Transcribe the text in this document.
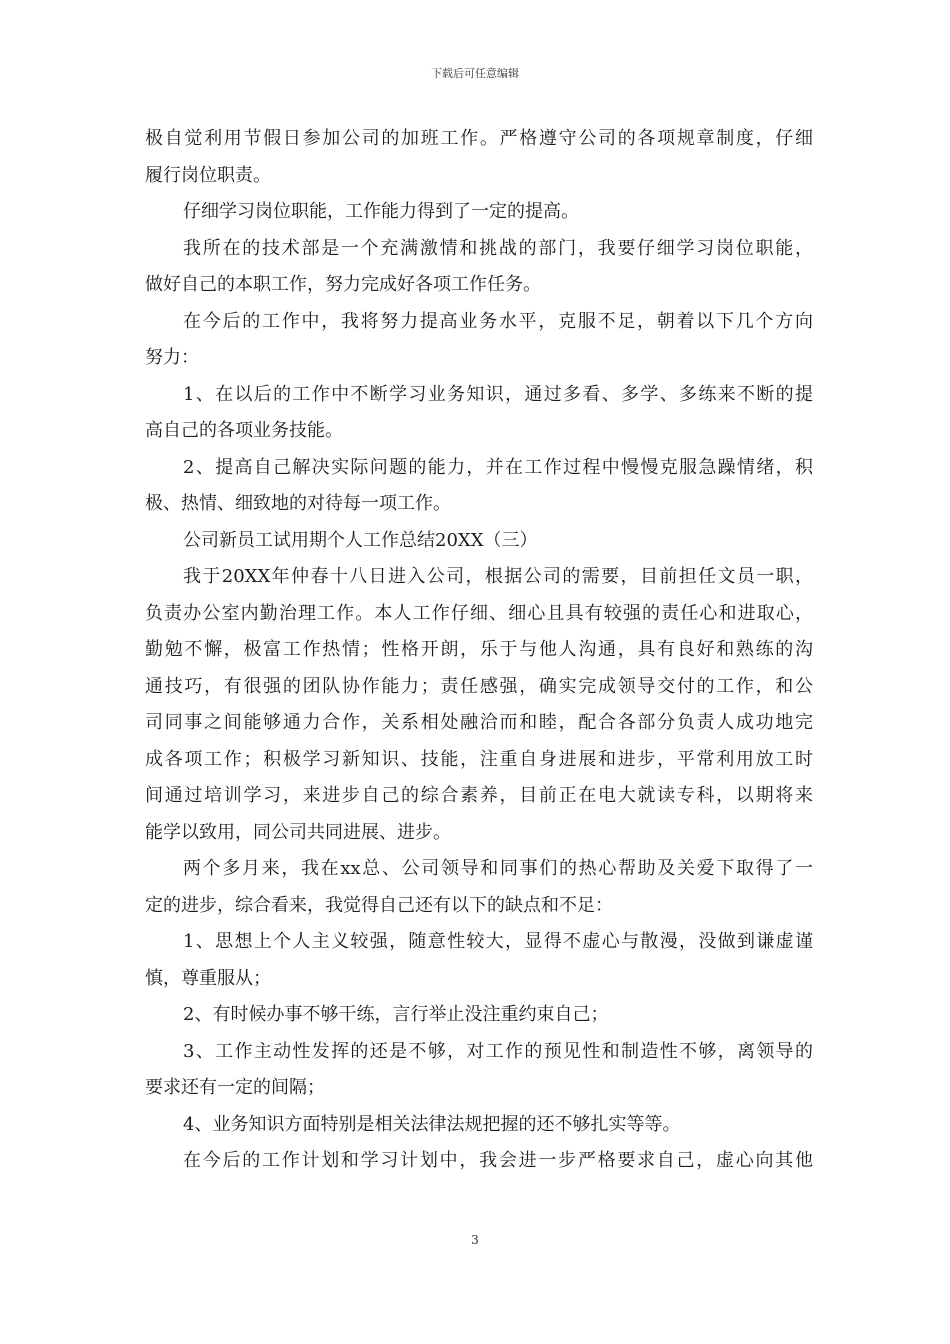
下载后可任意编辑
极自觉利用节假日参加公司的加班工作。严格遵守公司的各项规章制度，仔细
履行岗位职责。
仔细学习岗位职能，工作能力得到了一定的提高。
我所在的技术部是一个充满激情和挑战的部门，我要仔细学习岗位职能，
做好自己的本职工作，努力完成好各项工作任务。
在今后的工作中，我将努力提高业务水平，克服不足，朝着以下几个方向
努力：
1、在以后的工作中不断学习业务知识，通过多看、多学、多练来不断的提
高自己的各项业务技能。
2、提高自己解决实际问题的能力，并在工作过程中慢慢克服急躁情绪，积
极、热情、细致地的对待每一项工作。
公司新员工试用期个人工作总结20XX（三）
我于20XX年仲春十八日进入公司，根据公司的需要，目前担任文员一职，
负责办公室内勤治理工作。本人工作仔细、细心且具有较强的责任心和进取心，
勤勉不懈，极富工作热情；性格开朗，乐于与他人沟通，具有良好和熟练的沟
通技巧，有很强的团队协作能力；责任感强，确实完成领导交付的工作，和公
司同事之间能够通力合作，关系相处融洽而和睦，配合各部分负责人成功地完
成各项工作；积极学习新知识、技能，注重自身进展和进步，平常利用放工时
间通过培训学习，来进步自己的综合素养，目前正在电大就读专科，以期将来
能学以致用，同公司共同进展、进步。
两个多月来，我在xx总、公司领导和同事们的热心帮助及关爱下取得了一
定的进步，综合看来，我觉得自己还有以下的缺点和不足：
1、思想上个人主义较强，随意性较大，显得不虚心与散漫，没做到谦虚谨
慎，尊重服从；
2、有时候办事不够干练，言行举止没注重约束自己；
3、工作主动性发挥的还是不够，对工作的预见性和制造性不够，离领导的
要求还有一定的间隔；
4、业务知识方面特别是相关法律法规把握的还不够扎实等等。
在今后的工作计划和学习计划中，我会进一步严格要求自己，虚心向其他
3
